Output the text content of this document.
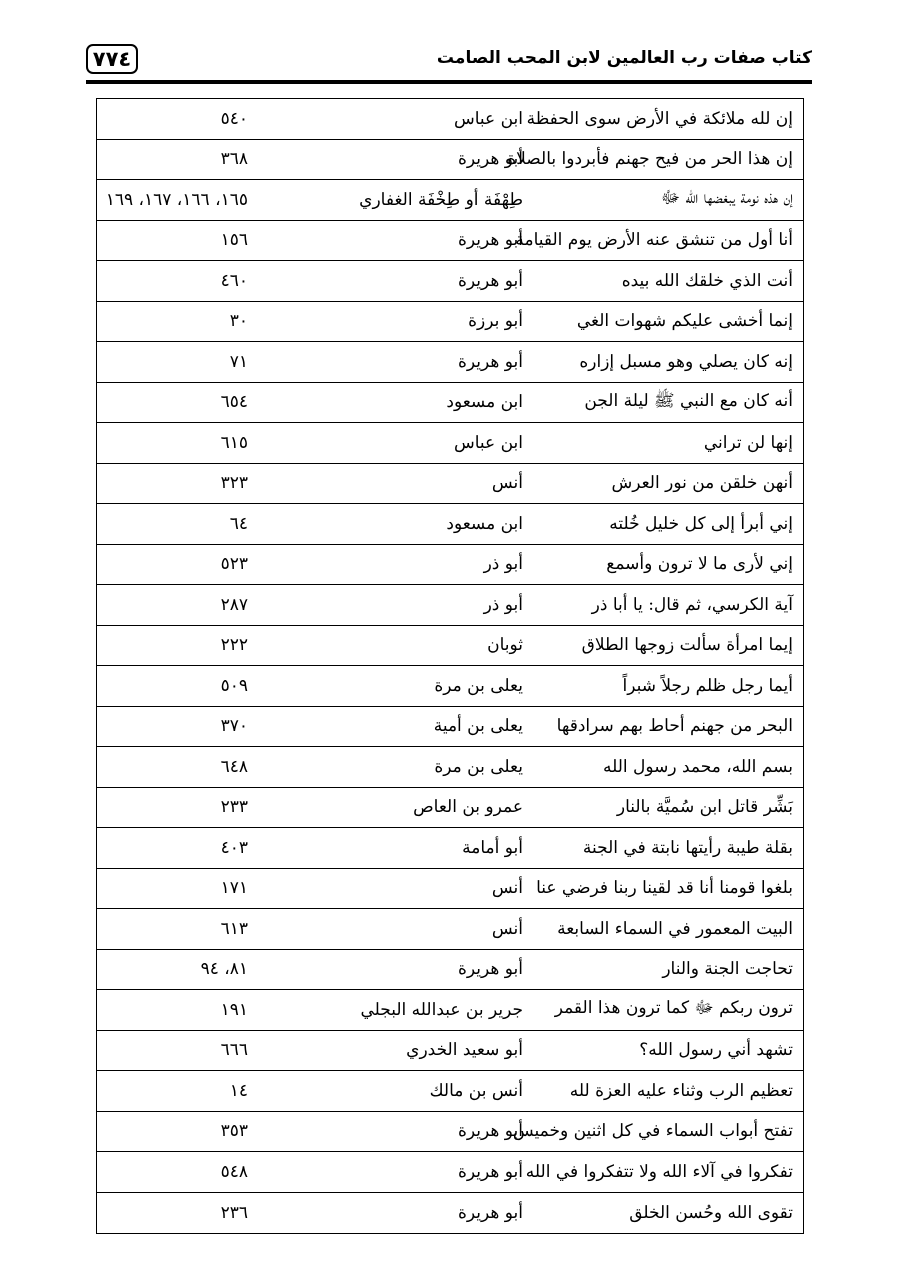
٧٧٤	كتاب صفات رب العالمين لابن المحب الصامت
إن لله ملائكة في الأرض سوى الحفظة
ابن عباس
٥٤٠
إن هذا الحر من فيح جهنم فأبردوا بالصلاة
أبو هريرة
٣٦٨
إن هذه نومة يبغضها الله ﷻ
طِهْفَة أو طِخْفَة الغفاري
١٦٥، ١٦٦، ١٦٧، ١٦٩
أنا أول من تنشق عنه الأرض يوم القيامة
أبو هريرة
١٥٦
أنت الذي خلقك الله بيده
أبو هريرة
٤٦٠
إنما أخشى عليكم شهوات الغي
أبو برزة
٣٠
إنه كان يصلي وهو مسبل إزاره
أبو هريرة
٧١
أنه كان مع النبي ﷺ ليلة الجن
ابن مسعود
٦٥٤
إنها لن تراني
ابن عباس
٦١٥
أنهن خلقن من نور العرش
أنس
٣٢٣
إني أبرأ إلى كل خليل خُلته
ابن مسعود
٦٤
إني لأرى ما لا ترون وأسمع
أبو ذر
٥٢٣
آية الكرسي، ثم قال: يا أبا ذر
أبو ذر
٢٨٧
إيما امرأة سألت زوجها الطلاق
ثوبان
٢٢٢
أيما رجل ظلم رجلاً شبراً
يعلى بن مرة
٥٠٩
البحر من جهنم أحاط بهم سرادقها
يعلى بن أمية
٣٧٠
بسم الله، محمد رسول الله
يعلى بن مرة
٦٤٨
بَشِّر قاتل ابن سُميَّة بالنار
عمرو بن العاص
٢٣٣
بقلة طيبة رأيتها نابتة في الجنة
أبو أمامة
٤٠٣
بلغوا قومنا أنا قد لقينا ربنا فرضي عنا
أنس
١٧١
البيت المعمور في السماء السابعة
أنس
٦١٣
تحاجت الجنة والنار
أبو هريرة
٨١، ٩٤
ترون ربكم ﷻ كما ترون هذا القمر
جرير بن عبدالله البجلي
١٩١
تشهد أني رسول الله؟
أبو سعيد الخدري
٦٦٦
تعظيم الرب وثناء عليه العزة لله
أنس بن مالك
١٤
تفتح أبواب السماء في كل اثنين وخميس
أبو هريرة
٣٥٣
تفكروا في آلاء الله ولا تتفكروا في الله
أبو هريرة
٥٤٨
تقوى الله وحُسن الخلق
أبو هريرة
٢٣٦
